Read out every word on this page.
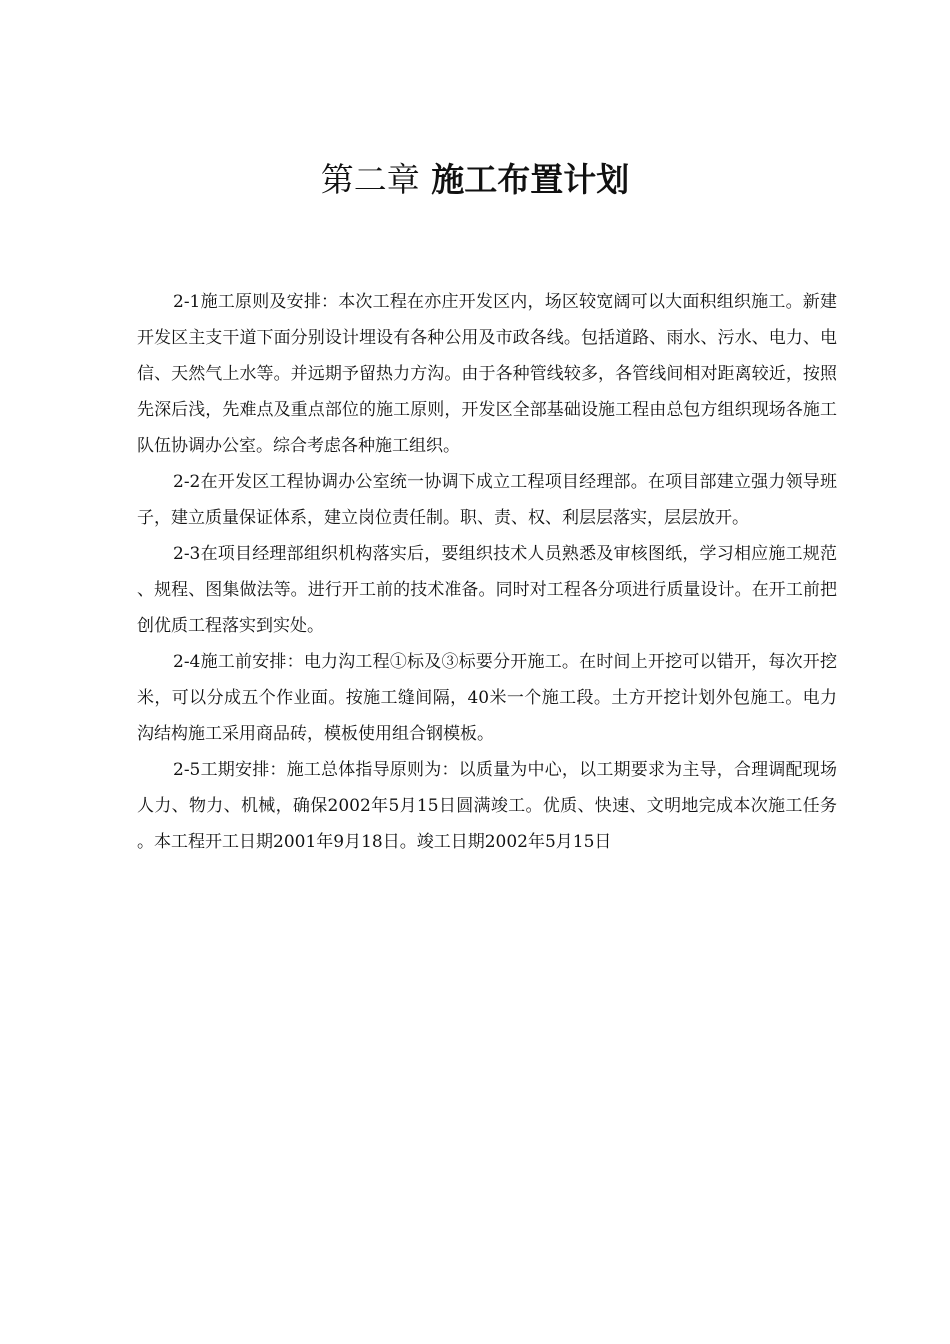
第二章 施工布置计划

2-1施工原则及安排：本次工程在亦庄开发区内，场区较宽阔可以大面积组织施工。新建开发区主支干道下面分别设计埋设有各种公用及市政各线。包括道路、雨水、污水、电力、电信、天然气上水等。并远期予留热力方沟。由于各种管线较多，各管线间相对距离较近，按照先深后浅，先难点及重点部位的施工原则，开发区全部基础设施工程由总包方组织现场各施工队伍协调办公室。综合考虑各种施工组织。

2-2在开发区工程协调办公室统一协调下成立工程项目经理部。在项目部建立强力领导班子，建立质量保证体系，建立岗位责任制。职、责、权、利层层落实，层层放开。

2-3在项目经理部组织机构落实后，要组织技术人员熟悉及审核图纸，学习相应施工规范、规程、图集做法等。进行开工前的技术准备。同时对工程各分项进行质量设计。在开工前把创优质工程落实到实处。

2-4施工前安排：电力沟工程①标及③标要分开施工。在时间上开挖可以错开，每次开挖米，可以分成五个作业面。按施工缝间隔，40米一个施工段。土方开挖计划外包施工。电力沟结构施工采用商品砖，模板使用组合钢模板。

2-5工期安排：施工总体指导原则为：以质量为中心，以工期要求为主导，合理调配现场人力、物力、机械，确保2002年5月15日圆满竣工。优质、快速、文明地完成本次施工任务。本工程开工日期2001年9月18日。竣工日期2002年5月15日
